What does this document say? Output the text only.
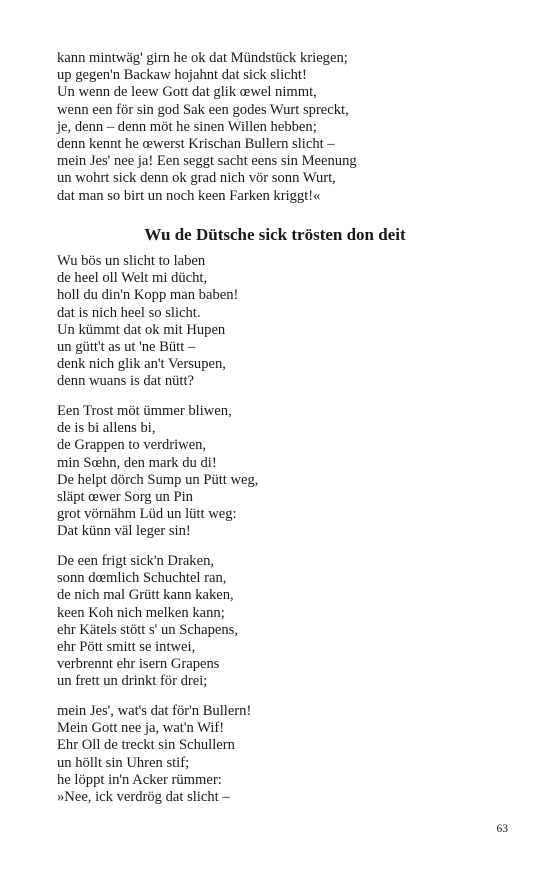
kann mintwäg' girn he ok dat Mündstück kriegen;
up gegen'n Backaw hojahnt dat sick slicht!
Un wenn de leew Gott dat glik œwel nimmt,
wenn een för sin god Sak een godes Wurt spreckt,
je, denn – denn möt he sinen Willen hebben;
denn kennt he œwerst Krischan Bullern slicht –
mein Jes' nee ja! Een seggt sacht eens sin Meenung
un wohrt sick denn ok grad nich vör sonn Wurt,
dat man so birt un noch keen Farken kriggt!«
Wu de Dütsche sick trösten don deit
Wu bös un slicht to laben
de heel oll Welt mi dücht,
holl du din'n Kopp man baben!
dat is nich heel so slicht.
Un kümmt dat ok mit Hupen
un gütt't as ut 'ne Bütt –
denk nich glik an't Versupen,
denn wuans is dat nütt?
Een Trost möt ümmer bliwen,
de is bi allens bi,
de Grappen to verdriwen,
min Sœhn, den mark du di!
De helpt dörch Sump un Pütt weg,
släpt œwer Sorg un Pin
grot vörnähm Lüd un lütt weg:
Dat künn väl leger sin!
De een frigt sick'n Draken,
sonn dœmlich Schuchtel ran,
de nich mal Grütt kann kaken,
keen Koh nich melken kann;
ehr Kätels stött s' un Schapens,
ehr Pött smitt se intwei,
verbrennt ehr isern Grapens
un frett un drinkt för drei;
mein Jes', wat's dat för'n Bullern!
Mein Gott nee ja, wat'n Wif!
Ehr Oll de treckt sin Schullern
un höllt sin Uhren stif;
he löppt in'n Acker rümmer:
»Nee, ick verdrög dat slicht –
63
